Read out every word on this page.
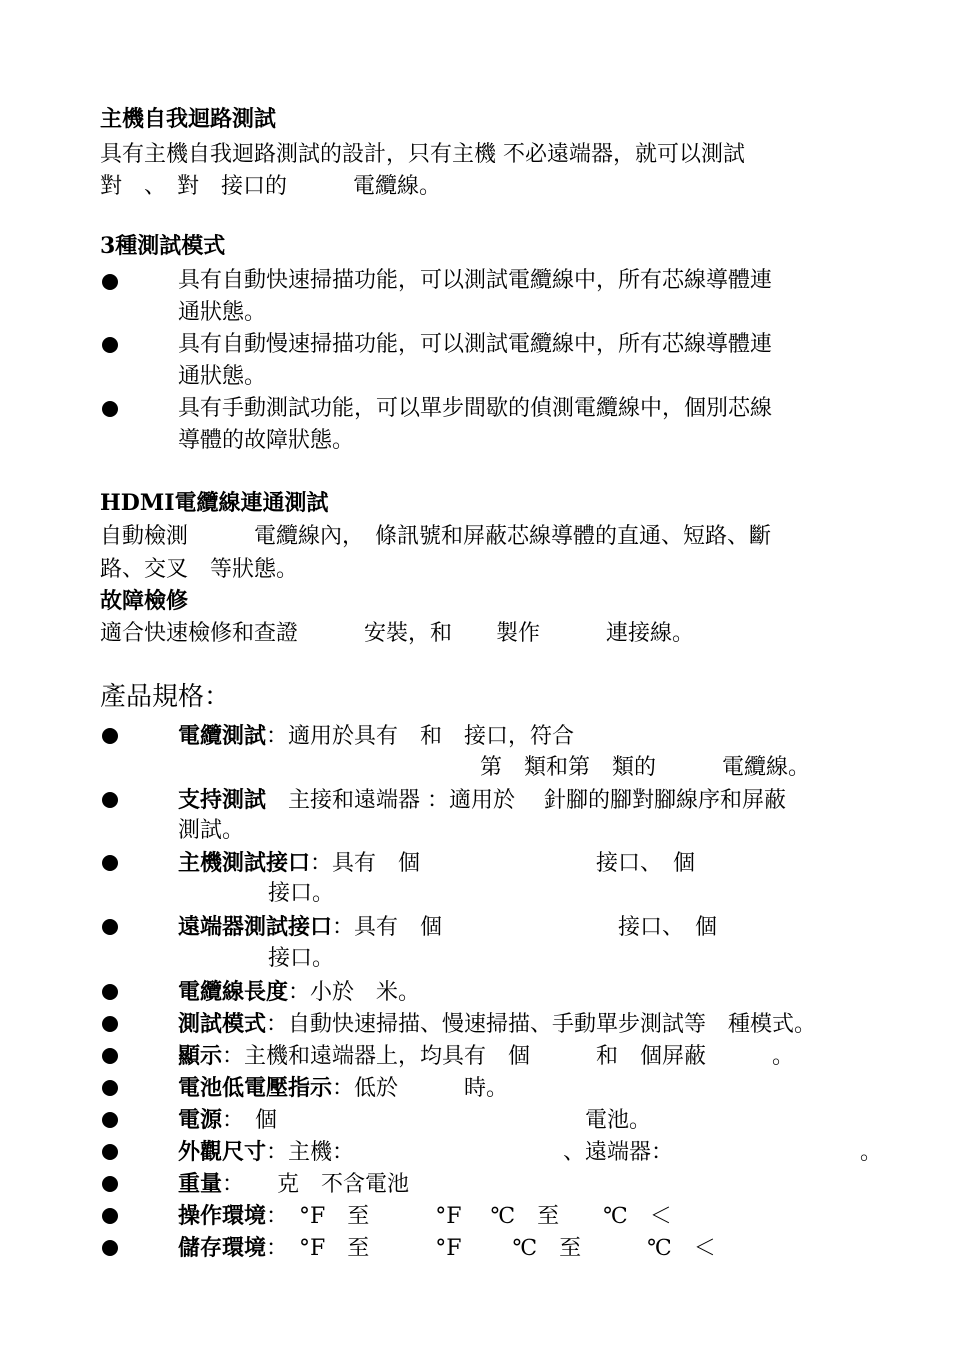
主機自我迴路測試
具有主機自我迴路測試的設計，只有主機 不必遠端器，就可以測試
對　、　對　接口的　　　電纜線。
3種測試模式
具有自動快速掃描功能，可以測試電纜線中，所有芯線導體連
通狀態。
具有自動慢速掃描功能，可以測試電纜線中，所有芯線導體連
通狀態。
具有手動測試功能，可以單步間歇的偵測電纜線中，個別芯線
導體的故障狀態。
HDMI電纜線連通測試
自動檢測　　　電纜線內，　條訊號和屏蔽芯線導體的直通、短路、斷
路、交叉　等狀態。
故障檢修
適合快速檢修和查證　　　安裝，和　　製作　　　連接線。
產品規格：
電纜測試：適用於具有　和　接口，符合
第　類和第　類的　　　電纜線。
支持測試　主接和遠端器 ：適用於　 針腳的腳對腳線序和屏蔽
測試。
主機測試接口：具有　個　　　　　　　　接口、　個
接口。
遠端器測試接口：具有　個　　　　　　　　接口、　個
接口。
電纜線長度：小於　米。
測試模式：自動快速掃描、慢速掃描、手動單步測試等　種模式。
顯示：主機和遠端器上，均具有　個　　　和　個屏蔽　　　。
電池低電壓指示：低於　　　時。
電源：　個　　　　　　　　　　　　　　電池。
外觀尺寸：主機：　　　　　　　　　　、遠端器：　　　　　　　　　。
重量：　　克　不含電池
操作環境：　°F　至　　　°F　 ℃　至　　℃　＜
儲存環境：　°F　至　　　°F　　 ℃　至　　　℃　＜
